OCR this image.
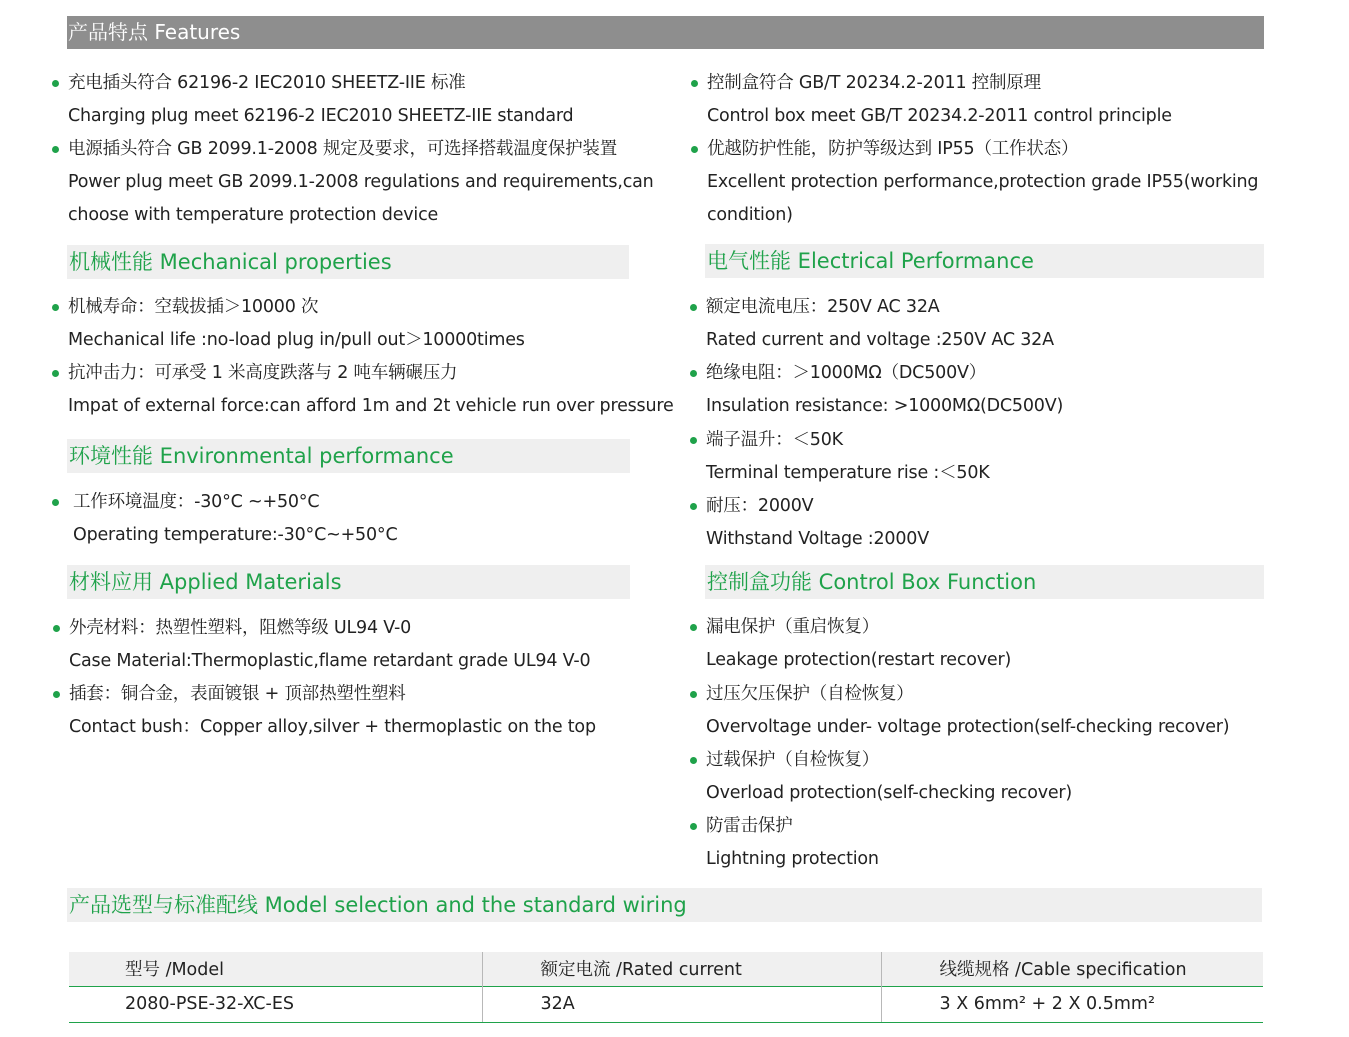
产品特点 Features
充电插头符合 62196-2 IEC2010 SHEETZ-IIE 标准
Charging plug meet 62196-2 IEC2010 SHEETZ-IIE standard
电源插头符合 GB 2099.1-2008 规定及要求，可选择搭载温度保护装置
Power plug meet GB 2099.1-2008 regulations and requirements,can
choose with temperature protection device
控制盒符合 GB/T 20234.2-2011 控制原理
Control box meet GB/T 20234.2-2011 control principle
优越防护性能，防护等级达到 IP55（工作状态）
Excellent protection performance,protection grade IP55(working
condition)
机械性能 Mechanical properties
机械寿命：空载拔插＞10000 次
Mechanical life :no-load plug in/pull out＞10000times
抗冲击力：可承受 1 米高度跌落与 2 吨车辆碾压力
Impat of external force:can afford 1m and 2t vehicle run over pressure
环境性能 Environmental performance
工作环境温度：-30°C ~+50°C
Operating temperature:-30°C~+50°C
材料应用 Applied Materials
外壳材料：热塑性塑料，阻燃等级 UL94 V-0
Case Material:Thermoplastic,flame retardant grade UL94 V-0
插套：铜合金，表面镀银 + 顶部热塑性塑料
Contact bush：Copper alloy,silver + thermoplastic on the top
电气性能 Electrical Performance
额定电流电压：250V AC 32A
Rated current and voltage :250V AC 32A
绝缘电阻：＞1000MΩ（DC500V）
Insulation resistance: >1000MΩ(DC500V)
端子温升：＜50K
Terminal temperature rise :＜50K
耐压：2000V
Withstand Voltage :2000V
控制盒功能 Control Box Function
漏电保护（重启恢复）
Leakage protection(restart recover)
过压欠压保护（自检恢复）
Overvoltage under- voltage protection(self-checking recover)
过载保护（自检恢复）
Overload protection(self-checking recover)
防雷击保护
Lightning protection
产品选型与标准配线 Model selection and the standard wiring
型号 /Model	额定电流 /Rated current	线缆规格 /Cable specification
2080-PSE-32-XC-ES	32A	3 X 6mm² + 2 X 0.5mm²
